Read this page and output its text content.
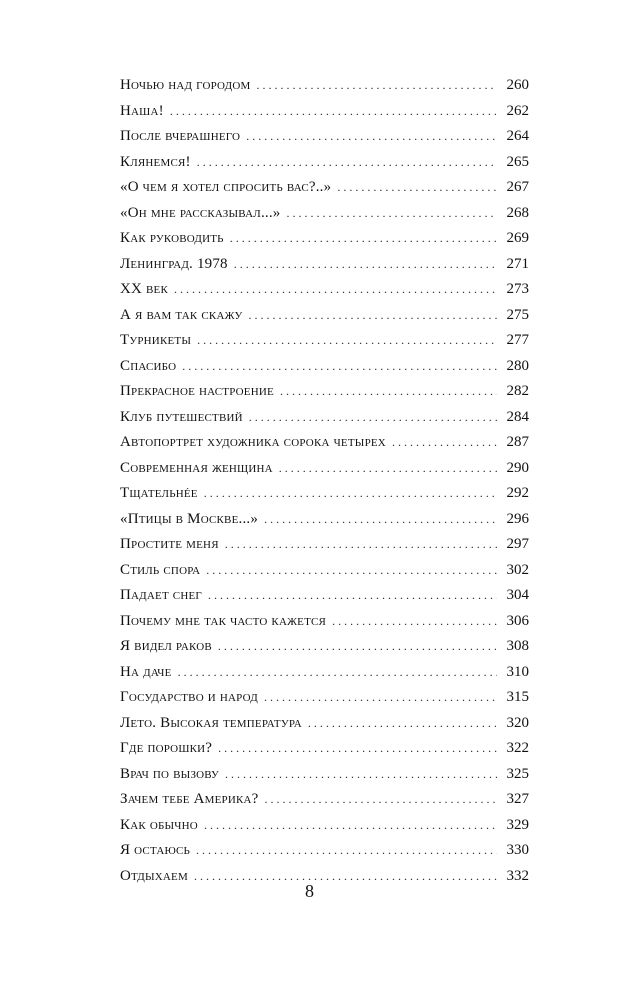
Ночью над городом . . .	260
Наша! . . .	262
После вчерашнего . . .	264
Клянемся! . . .	265
«О чем я хотел спросить вас?..» . . .	267
«Он мне рассказывал...» . . .	268
Как руководить . . .	269
Ленинград. 1978 . . .	271
XX век . . .	273
А я вам так скажу . . .	275
Турникеты . . .	277
Спасибо . . .	280
Прекрасное настроение . . .	282
Клуб путешествий . . .	284
Автопортрет художника сорока четырех . . .	287
Современная женщина . . .	290
Тщательнéе . . .	292
«Птицы в Москве...» . . .	296
Простите меня . . .	297
Стиль спора . . .	302
Падает снег . . .	304
Почему мне так часто кажется . . .	306
Я видел раков . . .	308
На даче . . .	310
Государство и народ . . .	315
Лето. Высокая температура . . .	320
Где порошки? . . .	322
Врач по вызову . . .	325
Зачем тебе Америка? . . .	327
Как обычно . . .	329
Я остаюсь . . .	330
Отдыхаем . . .	332
8
